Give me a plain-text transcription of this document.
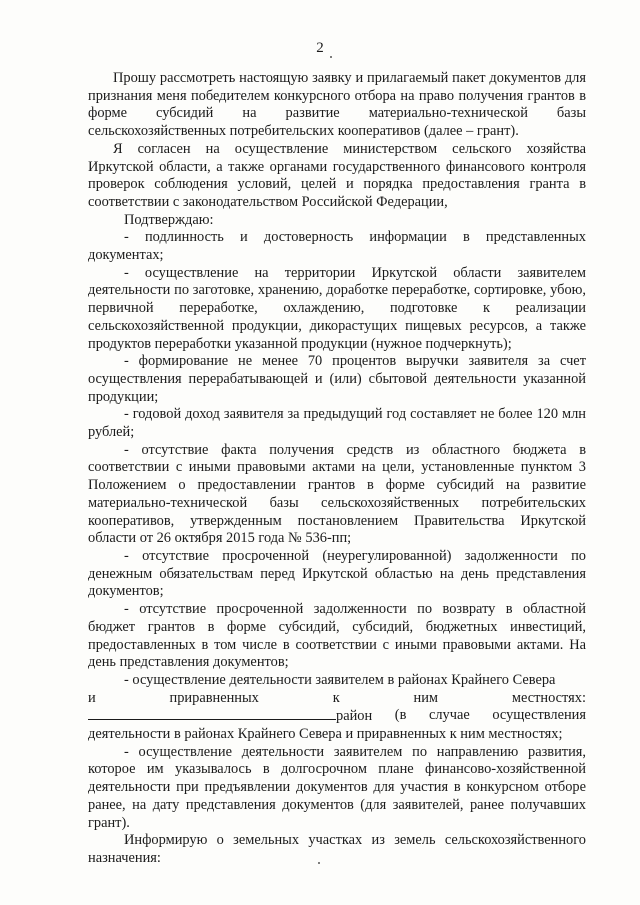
2

Прошу рассмотреть настоящую заявку и прилагаемый пакет документов для признания меня победителем конкурсного отбора на право получения грантов в форме субсидий на развитие материально-технической базы сельскохозяйственных потребительских кооперативов (далее – грант).

Я согласен на осуществление министерством сельского хозяйства Иркутской области, а также органами государственного финансового контроля проверок соблюдения условий, целей и порядка предоставления гранта в соответствии с законодательством Российской Федерации,

Подтверждаю:

- подлинность и достоверность информации в представленных документах;

- осуществление на территории Иркутской области заявителем деятельности по заготовке, хранению, доработке переработке, сортировке, убою, первичной переработке, охлаждению, подготовке к реализации сельскохозяйственной продукции, дикорастущих пищевых ресурсов, а также продуктов переработки указанной продукции (нужное подчеркнуть);

- формирование не менее 70 процентов выручки заявителя за счет осуществления перерабатывающей и (или) сбытовой деятельности указанной продукции;

- годовой доход заявителя за предыдущий год составляет не более 120 млн рублей;

- отсутствие факта получения средств из областного бюджета в соответствии с иными правовыми актами на цели, установленные пунктом 3 Положением о предоставлении грантов в форме субсидий на развитие материально-технической базы сельскохозяйственных потребительских кооперативов, утвержденным постановлением Правительства Иркутской области от 26 октября 2015 года № 536-пп;

- отсутствие просроченной (неурегулированной) задолженности по денежным обязательствам перед Иркутской областью на день представления документов;

- отсутствие просроченной задолженности по возврату в областной бюджет грантов в форме субсидий, субсидий, бюджетных инвестиций, предоставленных в том числе в соответствии с иными правовыми актами. На день представления документов;

- осуществление деятельности заявителем в районах Крайнего Севера
и	приравненных	к	ним	местностях:
район (в случае осуществления
деятельности в районах Крайнего Севера и приравненных к ним местностях;

- осуществление деятельности заявителем по направлению развития, которое им указывалось в долгосрочном плане финансово-хозяйственной деятельности при предъявлении документов для участия в конкурсном отборе ранее, на дату представления документов (для заявителей, ранее получавших грант).

Информирую о земельных участках из земель сельскохозяйственного назначения:
